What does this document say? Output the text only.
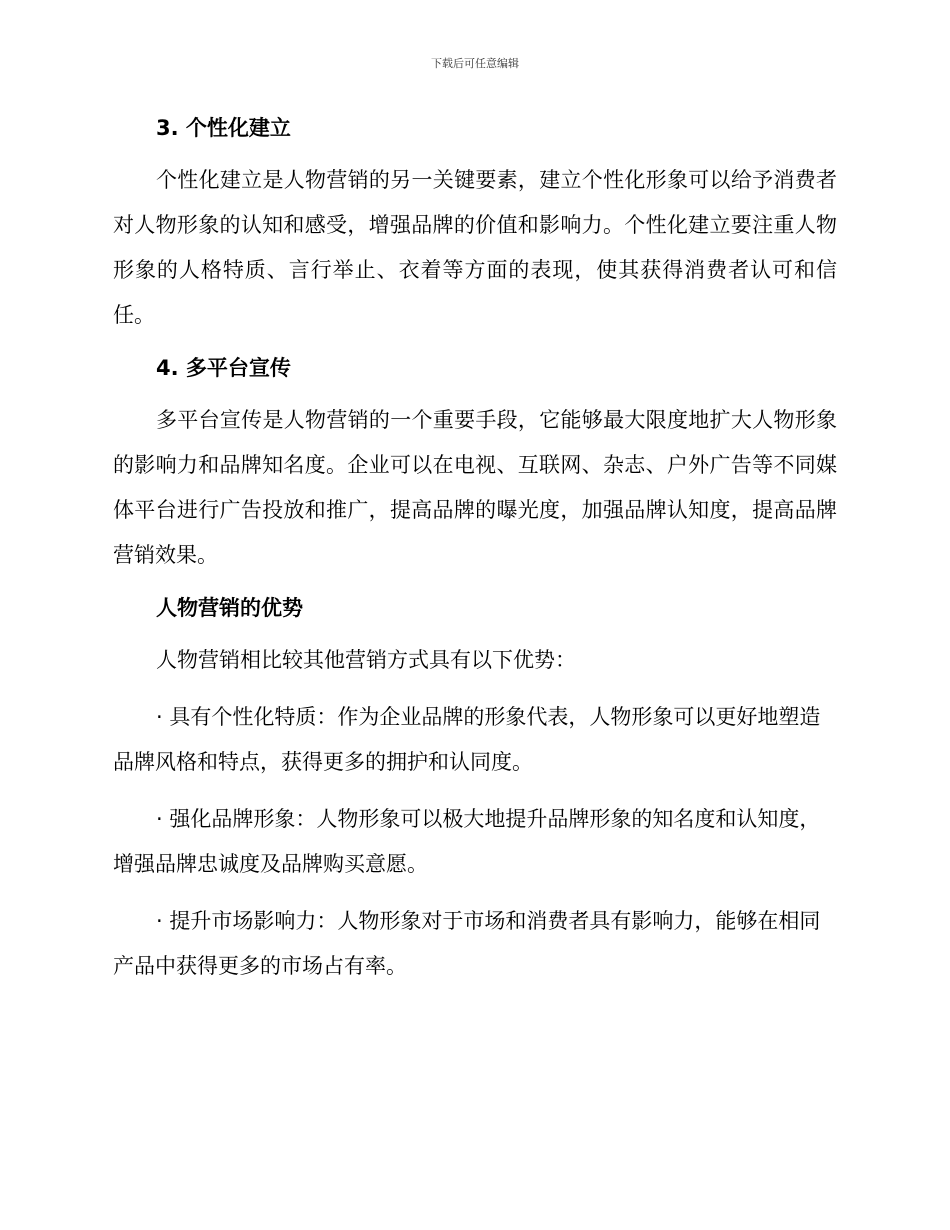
下载后可任意编辑
3. 个性化建立
个性化建立是人物营销的另一关键要素，建立个性化形象可以给予消费者对人物形象的认知和感受，增强品牌的价值和影响力。个性化建立要注重人物形象的人格特质、言行举止、衣着等方面的表现，使其获得消费者认可和信任。
4. 多平台宣传
多平台宣传是人物营销的一个重要手段，它能够最大限度地扩大人物形象的影响力和品牌知名度。企业可以在电视、互联网、杂志、户外广告等不同媒体平台进行广告投放和推广，提高品牌的曝光度，加强品牌认知度，提高品牌营销效果。
人物营销的优势
人物营销相比较其他营销方式具有以下优势：
· 具有个性化特质：作为企业品牌的形象代表，人物形象可以更好地塑造品牌风格和特点，获得更多的拥护和认同度。
· 强化品牌形象：人物形象可以极大地提升品牌形象的知名度和认知度，增强品牌忠诚度及品牌购买意愿。
· 提升市场影响力：人物形象对于市场和消费者具有影响力，能够在相同产品中获得更多的市场占有率。
